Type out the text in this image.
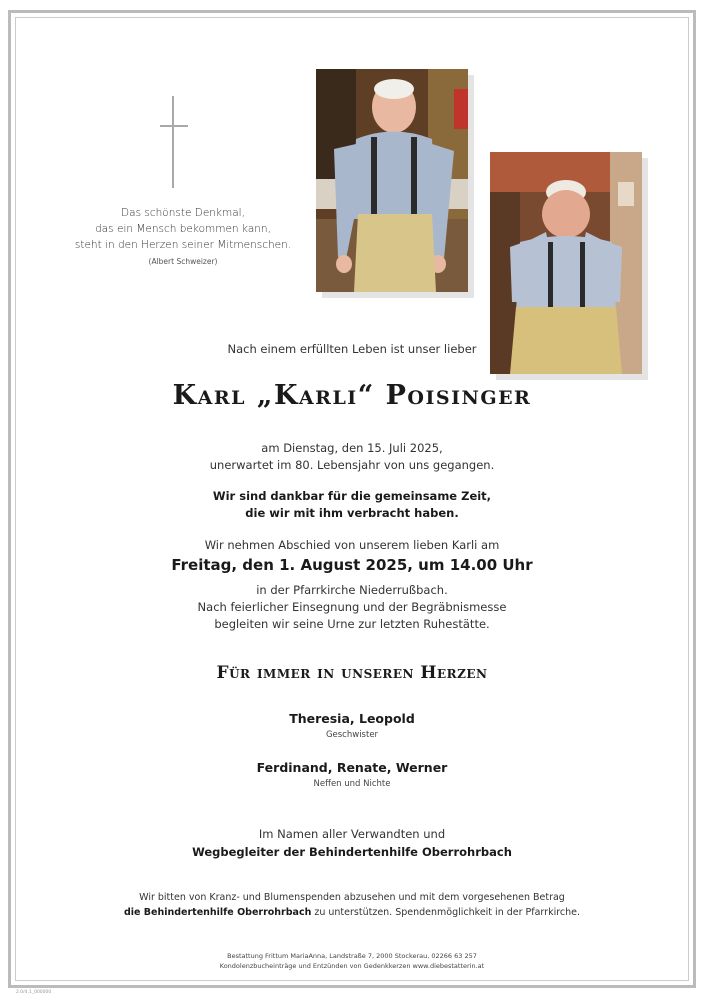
Das schönste Denkmal,
das ein Mensch bekommen kann,
steht in den Herzen seiner Mitmenschen.
(Albert Schweizer)
Nach einem erfüllten Leben ist unser lieber
Karl „Karli“ Poisinger
am Dienstag, den 15. Juli 2025,
unerwartet im 80. Lebensjahr von uns gegangen.
Wir sind dankbar für die gemeinsame Zeit,
die wir mit ihm verbracht haben.
Wir nehmen Abschied von unserem lieben Karli am
Freitag, den 1. August 2025, um 14.00 Uhr
in der Pfarrkirche Niederrußbach.
Nach feierlicher Einsegnung und der Begräbnismesse
begleiten wir seine Urne zur letzten Ruhestätte.
Für immer in unseren Herzen
Theresia, Leopold
Geschwister
Ferdinand, Renate, Werner
Neffen und Nichte
Im Namen aller Verwandten und
Wegbegleiter der Behindertenhilfe Oberrohrbach
Wir bitten von Kranz- und Blumenspenden abzusehen und mit dem vorgesehenen Betrag
die Behindertenhilfe Oberrohrbach zu unterstützen. Spendenmöglichkeit in der Pfarrkirche.
Bestattung Frittum MariaAnna, Landstraße 7, 2000 Stockerau, 02266 63 257
Kondolenzbucheinträge und Entzünden von Gedenkkerzen www.diebestatterin.at
2.0/4.1_000000
